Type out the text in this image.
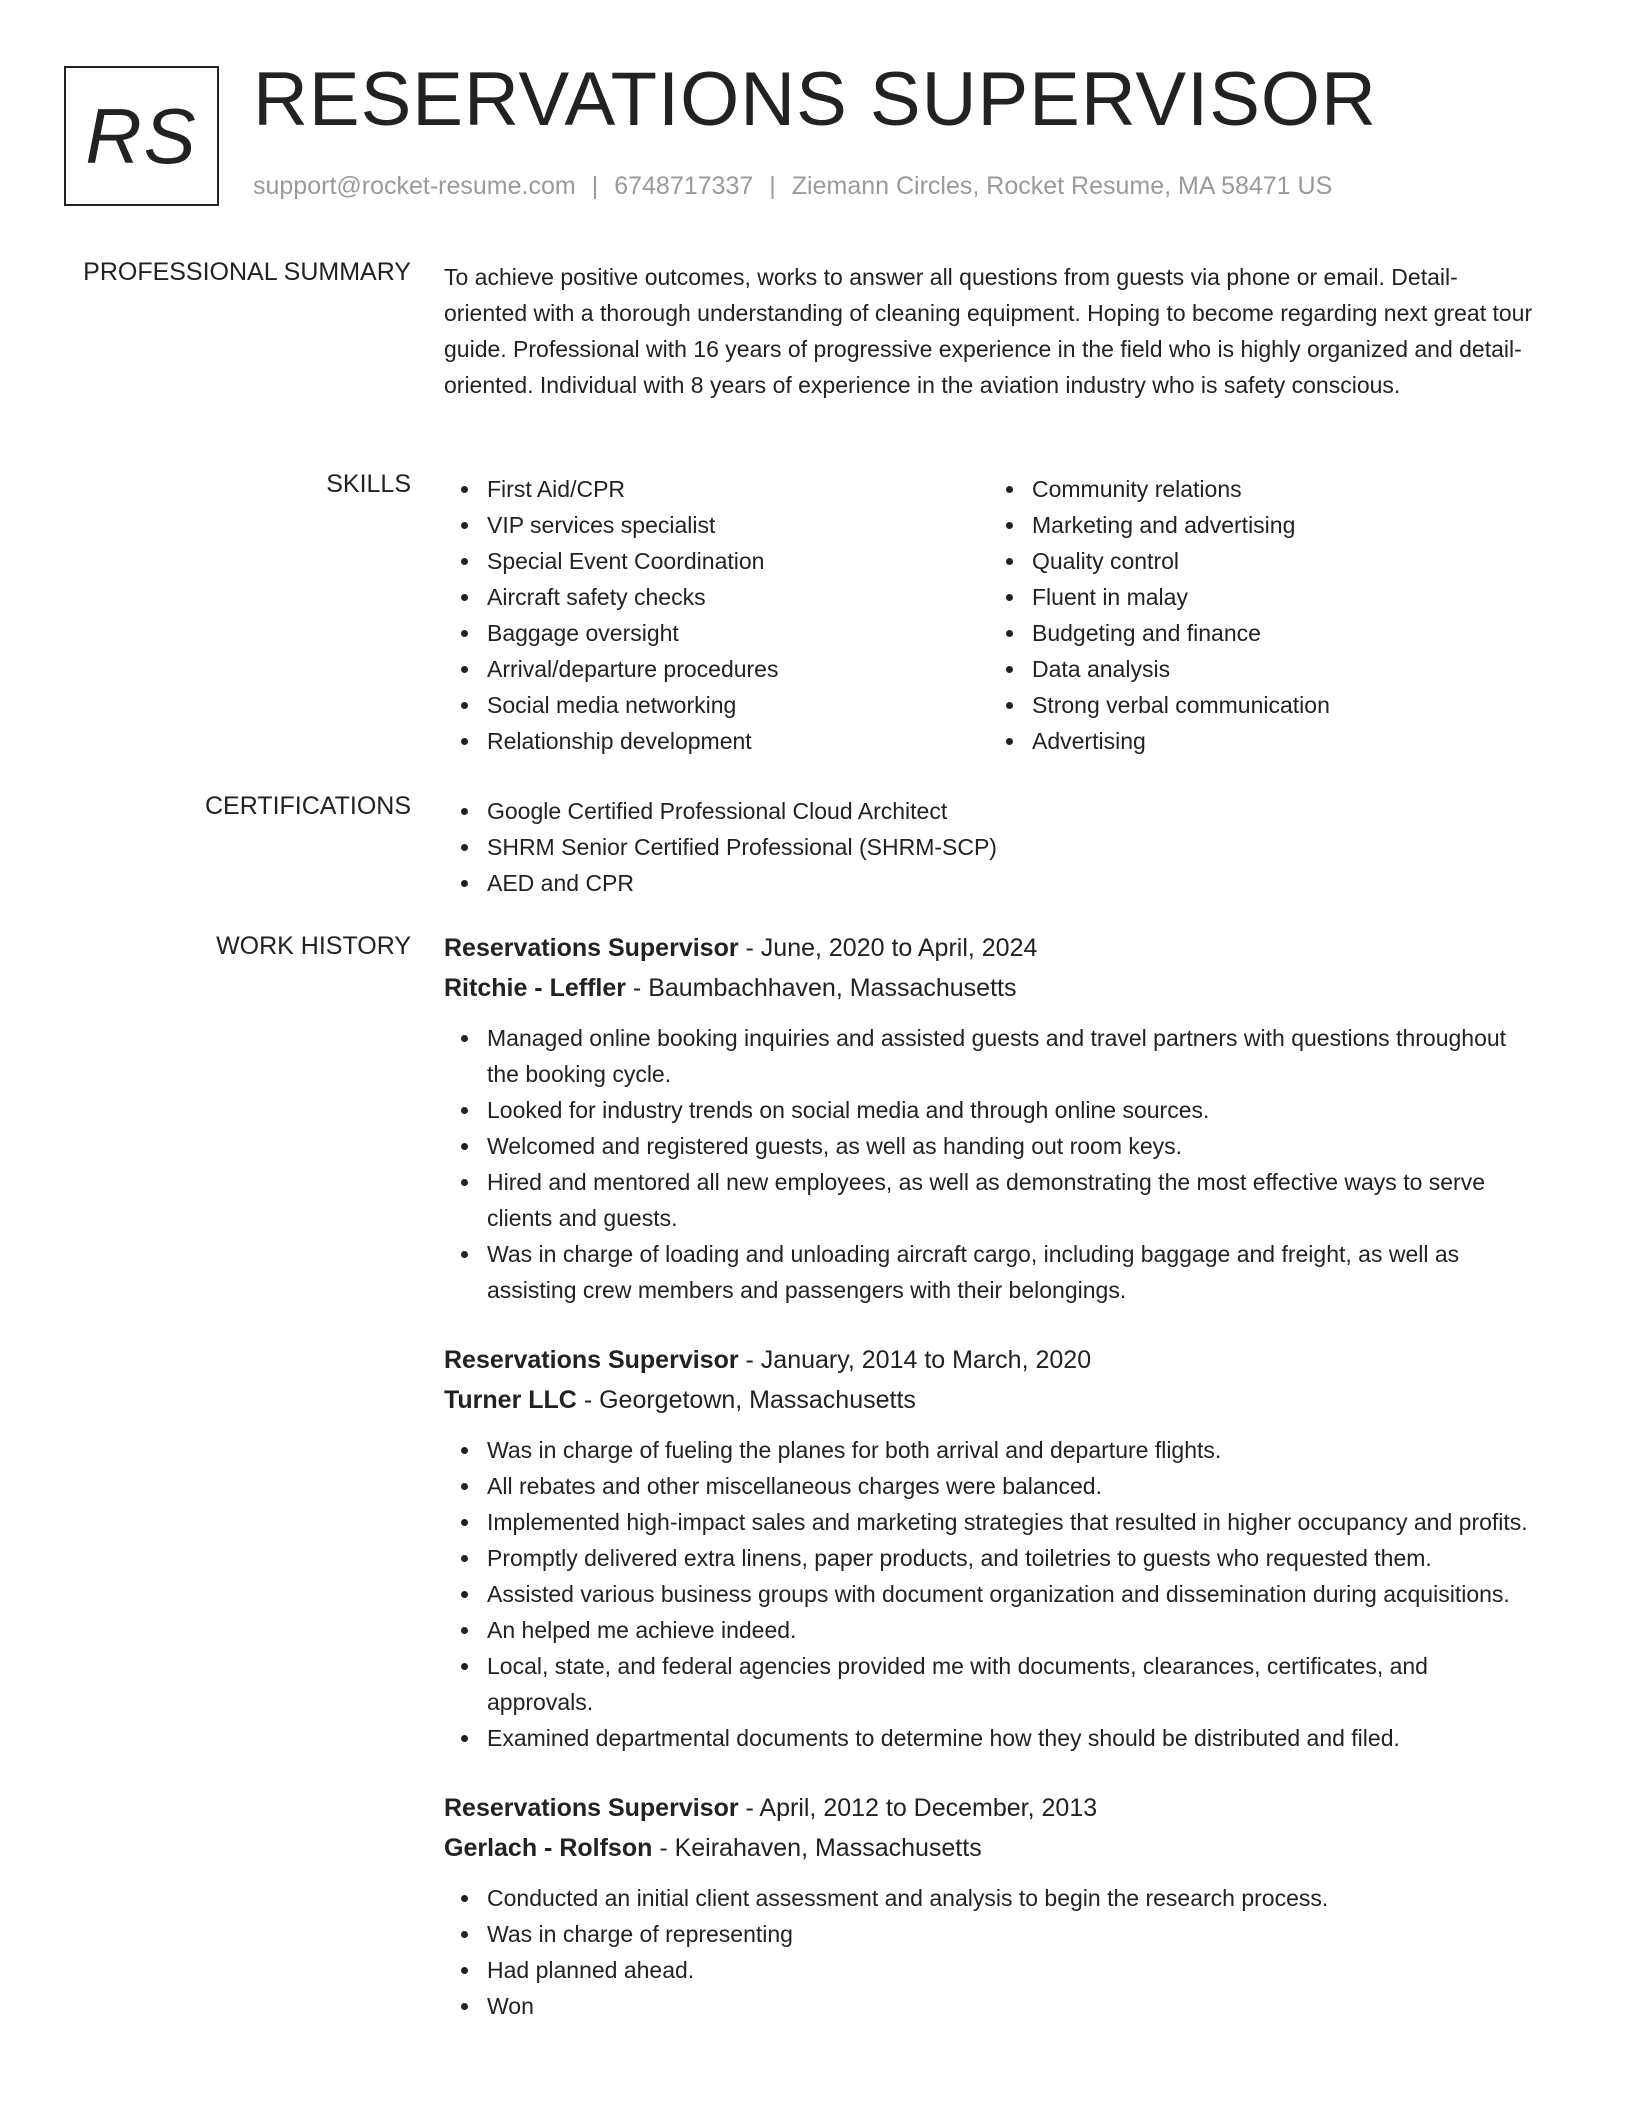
RS RESERVATIONS SUPERVISOR
support@rocket-resume.com | 6748717337 | Ziemann Circles, Rocket Resume, MA 58471 US
PROFESSIONAL SUMMARY To achieve positive outcomes, works to answer all questions from guests via phone or email. Detail-oriented with a thorough understanding of cleaning equipment. Hoping to become regarding next great tour guide. Professional with 16 years of progressive experience in the field who is highly organized and detail-oriented. Individual with 8 years of experience in the aviation industry who is safety conscious.
SKILLS	First Aid/CPR
VIP services specialist
Special Event Coordination
Aircraft safety checks
Baggage oversight
Arrival/departure procedures
Social media networking
Relationship development
Community relations
Marketing and advertising
Quality control
Fluent in malay
Budgeting and finance
Data analysis
Strong verbal communication
Advertising
CERTIFICATIONS	Google Certified Professional Cloud Architect
SHRM Senior Certified Professional (SHRM-SCP)
AED and CPR
WORK HISTORY Reservations Supervisor - June, 2020 to April, 2024
Ritchie - Leffler - Baumbachhaven, Massachusetts
Managed online booking inquiries and assisted guests and travel partners with questions throughout the booking cycle.
Looked for industry trends on social media and through online sources.
Welcomed and registered guests, as well as handing out room keys.
Hired and mentored all new employees, as well as demonstrating the most effective ways to serve clients and guests.
Was in charge of loading and unloading aircraft cargo, including baggage and freight, as well as assisting crew members and passengers with their belongings.
Reservations Supervisor - January, 2014 to March, 2020
Turner LLC - Georgetown, Massachusetts
Was in charge of fueling the planes for both arrival and departure flights.
All rebates and other miscellaneous charges were balanced.
Implemented high-impact sales and marketing strategies that resulted in higher occupancy and profits.
Promptly delivered extra linens, paper products, and toiletries to guests who requested them.
Assisted various business groups with document organization and dissemination during acquisitions.
An helped me achieve indeed.
Local, state, and federal agencies provided me with documents, clearances, certificates, and approvals.
Examined departmental documents to determine how they should be distributed and filed.
Reservations Supervisor - April, 2012 to December, 2013
Gerlach - Rolfson - Keirahaven, Massachusetts
Conducted an initial client assessment and analysis to begin the research process.
Was in charge of representing
Had planned ahead.
Won
